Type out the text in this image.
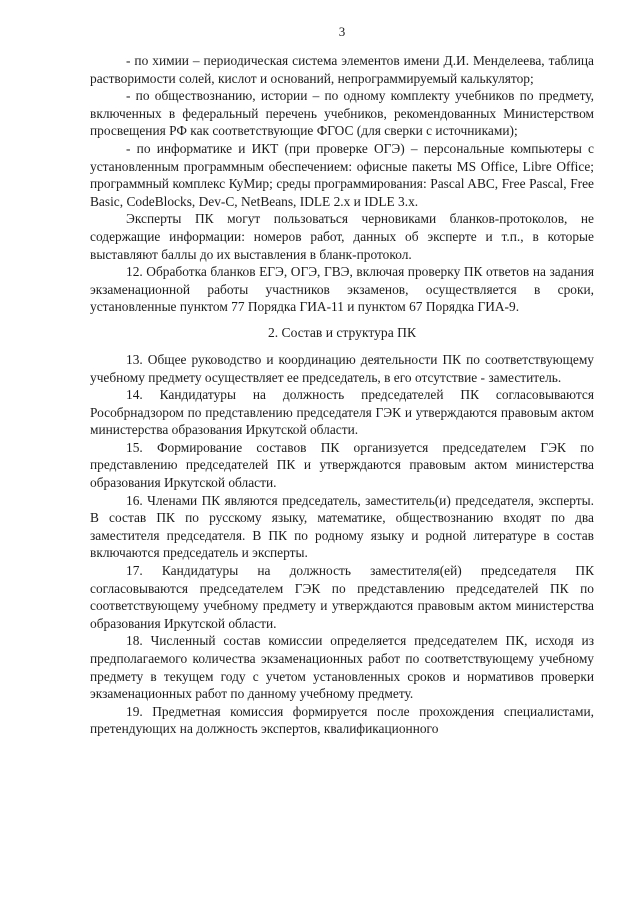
3

- по химии – периодическая система элементов имени Д.И. Менделеева, таблица растворимости солей, кислот и оснований, непрограммируемый калькулятор;

- по обществознанию, истории – по одному комплекту учебников по предмету, включенных в федеральный перечень учебников, рекомендованных Министерством просвещения РФ как соответствующие ФГОС (для сверки с источниками);

- по информатике и ИКТ (при проверке ОГЭ) – персональные компьютеры с установленным программным обеспечением: офисные пакеты MS Office, Libre Office; программный комплекс КуМир; среды программирования: Pascal ABC, Free Pascal, Free Basic, CodeBlocks, Dev-C, NetBeans, IDLE 2.x и IDLE 3.x.

Эксперты ПК могут пользоваться черновиками бланков-протоколов, не содержащие информации: номеров работ, данных об эксперте и т.п., в которые выставляют баллы до их выставления в бланк-протокол.

12. Обработка бланков ЕГЭ, ОГЭ, ГВЭ, включая проверку ПК ответов на задания экзаменационной работы участников экзаменов, осуществляется в сроки, установленные пунктом 77 Порядка ГИА-11 и пунктом 67 Порядка ГИА-9.

2. Состав и структура ПК

13. Общее руководство и координацию деятельности ПК по соответствующему учебному предмету осуществляет ее председатель, в его отсутствие - заместитель.

14. Кандидатуры на должность председателей ПК согласовываются Рособрнадзором по представлению председателя ГЭК и утверждаются правовым актом министерства образования Иркутской области.

15. Формирование составов ПК организуется председателем ГЭК по представлению председателей ПК и утверждаются правовым актом министерства образования Иркутской области.

16. Членами ПК являются председатель, заместитель(и) председателя, эксперты. В состав ПК по русскому языку, математике, обществознанию входят по два заместителя председателя. В ПК по родному языку и родной литературе в состав включаются председатель и эксперты.

17. Кандидатуры на должность заместителя(ей) председателя ПК согласовываются председателем ГЭК по представлению председателей ПК по соответствующему учебному предмету и утверждаются правовым актом министерства образования Иркутской области.

18. Численный состав комиссии определяется председателем ПК, исходя из предполагаемого количества экзаменационных работ по соответствующему учебному предмету в текущем году с учетом установленных сроков и нормативов проверки экзаменационных работ по данному учебному предмету.

19. Предметная комиссия формируется после прохождения специалистами, претендующих на должность экспертов, квалификационного
